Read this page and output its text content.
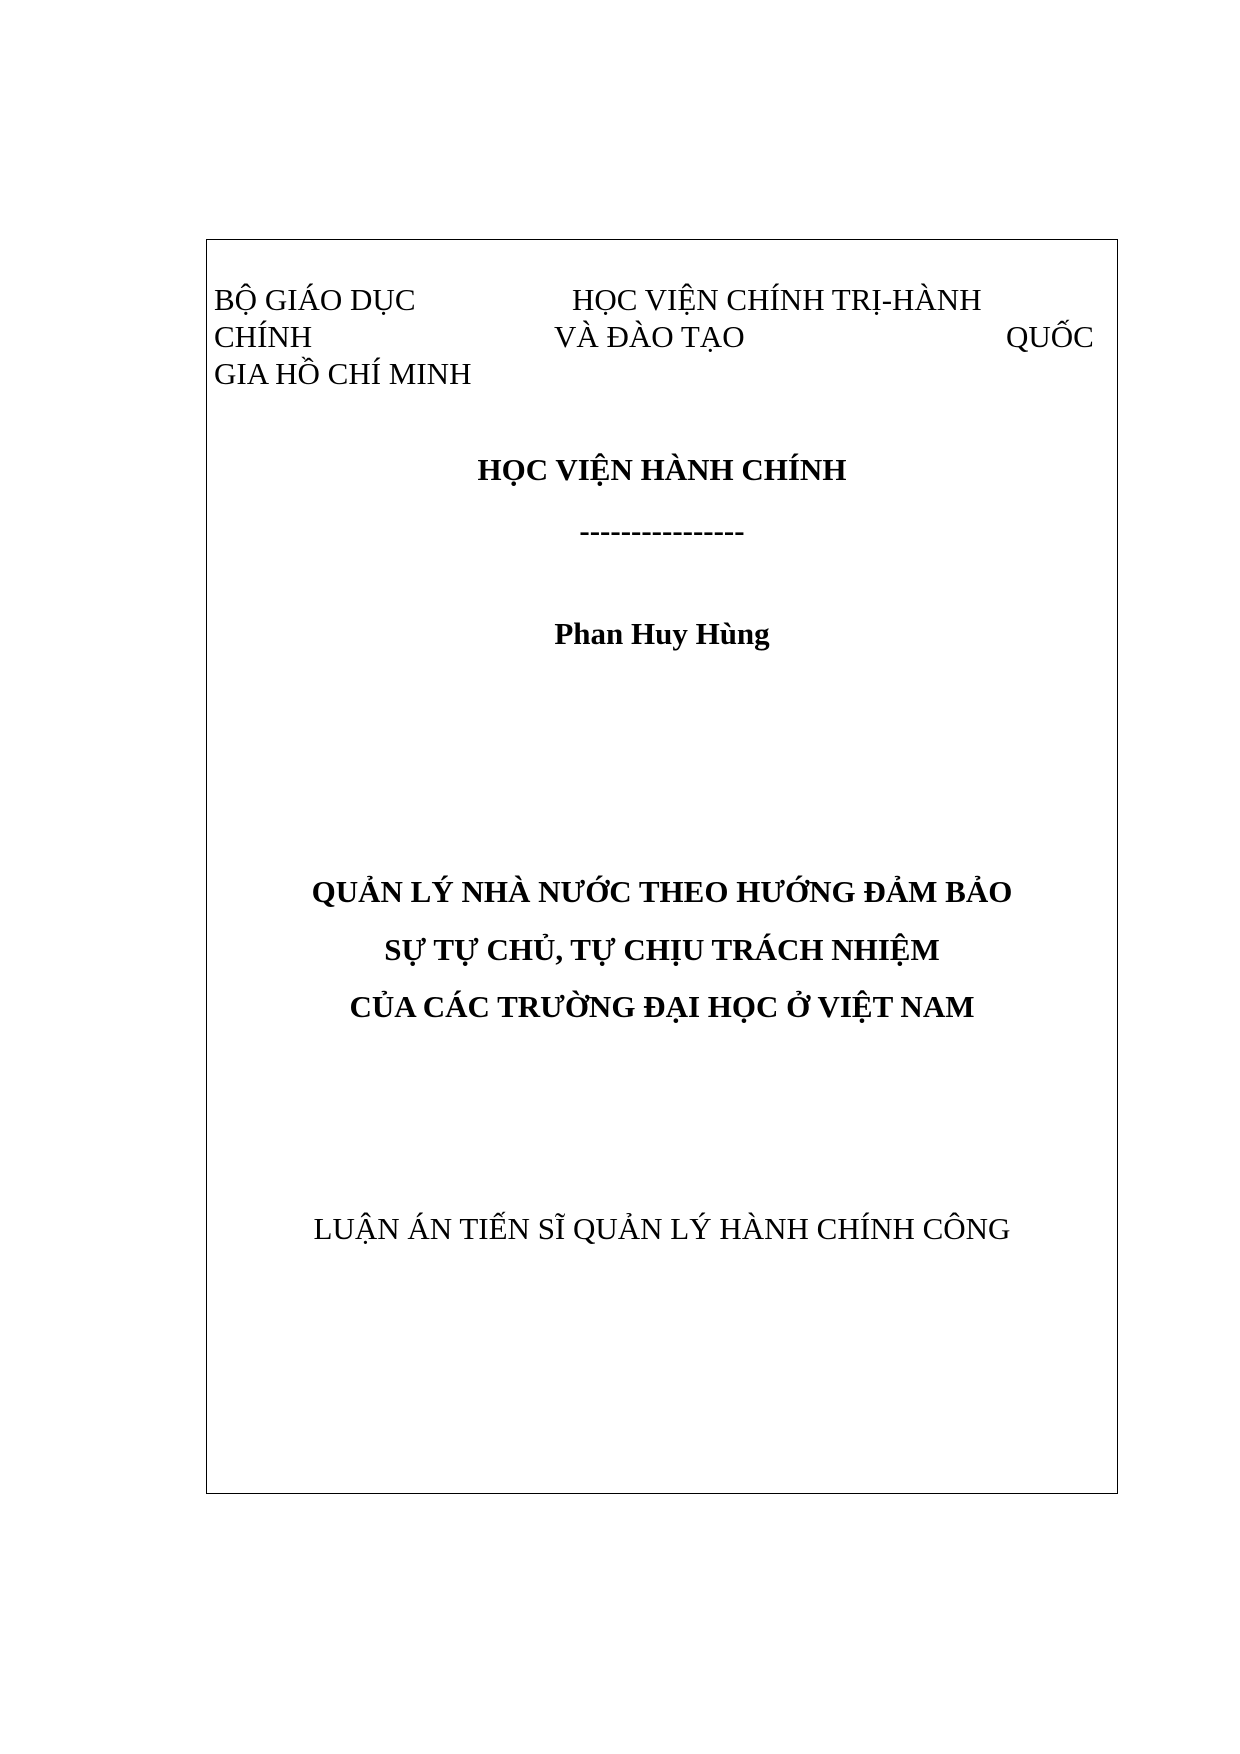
BỘ GIÁO DỤC	HỌC VIỆN CHÍNH TRỊ-HÀNH
CHÍNH	VÀ ĐÀO TẠO	QUỐC
GIA HỒ CHÍ MINH
HỌC VIỆN HÀNH CHÍNH
----------------
Phan Huy Hùng
QUẢN LÝ NHÀ NƯỚC THEO HƯỚNG ĐẢM BẢO
SỰ TỰ CHỦ, TỰ CHỊU TRÁCH NHIỆM
CỦA CÁC TRƯỜNG ĐẠI HỌC Ở VIỆT NAM
LUẬN ÁN TIẾN SĨ QUẢN LÝ HÀNH CHÍNH CÔNG
